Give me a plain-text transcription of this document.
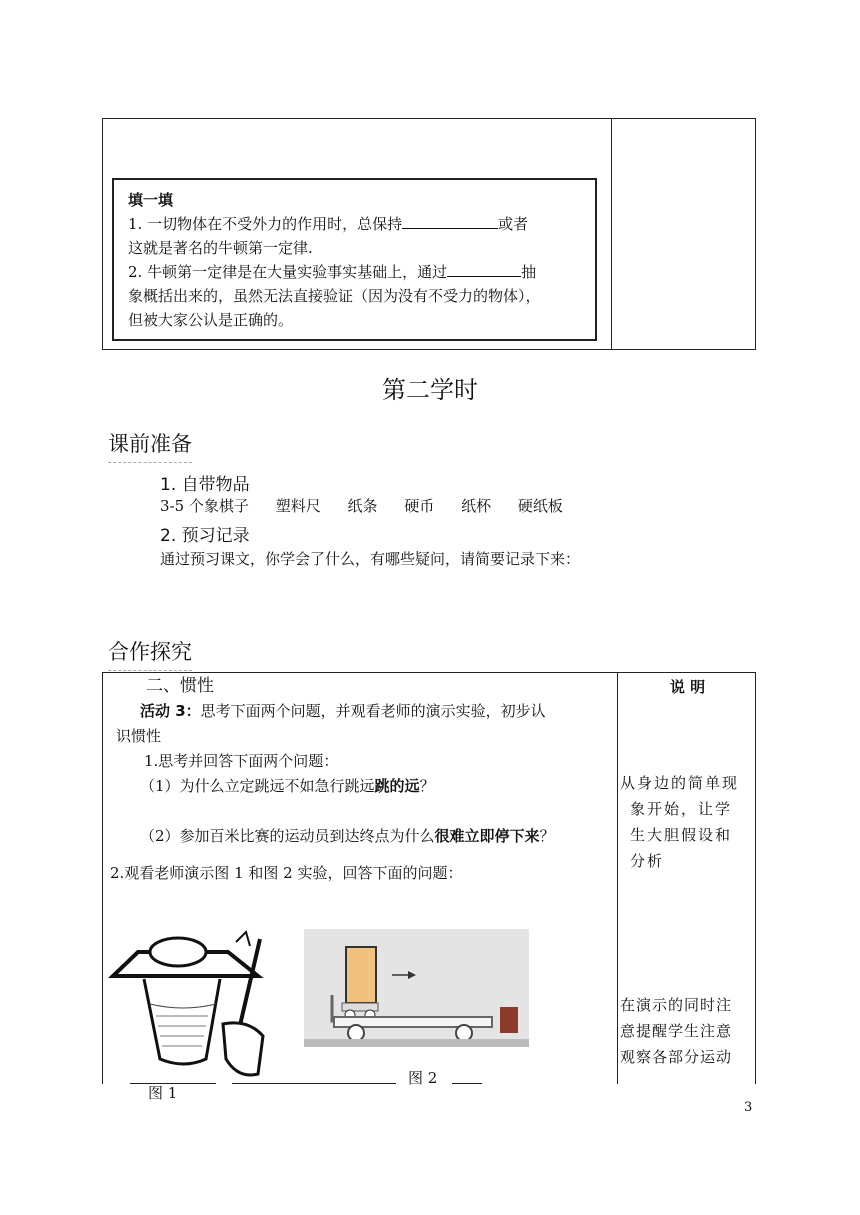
填一填
1. 一切物体在不受外力的作用时，总保持	或者
这就是著名的牛顿第一定律.
2. 牛顿第一定律是在大量实验事实基础上，通过	抽
象概括出来的，虽然无法直接验证（因为没有不受力的物体），
但被大家公认是正确的。
第二学时
课前准备
1. 自带物品
3-5 个象棋子 塑料尺 纸条 硬币 纸杯 硬纸板
2. 预习记录
通过预习课文，你学会了什么，有哪些疑问，请简要记录下来：
合作探究
二、惯性
活动 3：思考下面两个问题，并观看老师的演示实验，初步认
识惯性
1.思考并回答下面两个问题：
（1）为什么立定跳远不如急行跳远跳的远？
（2）参加百米比赛的运动员到达终点为什么很难立即停下来？
2.观看老师演示图 1 和图 2 实验，回答下面的问题：
图 1
图 2
说 明
从身边的简单现
象开始，让学
生大胆假设和
分析
在演示的同时注
意提醒学生注意
观察各部分运动
3
